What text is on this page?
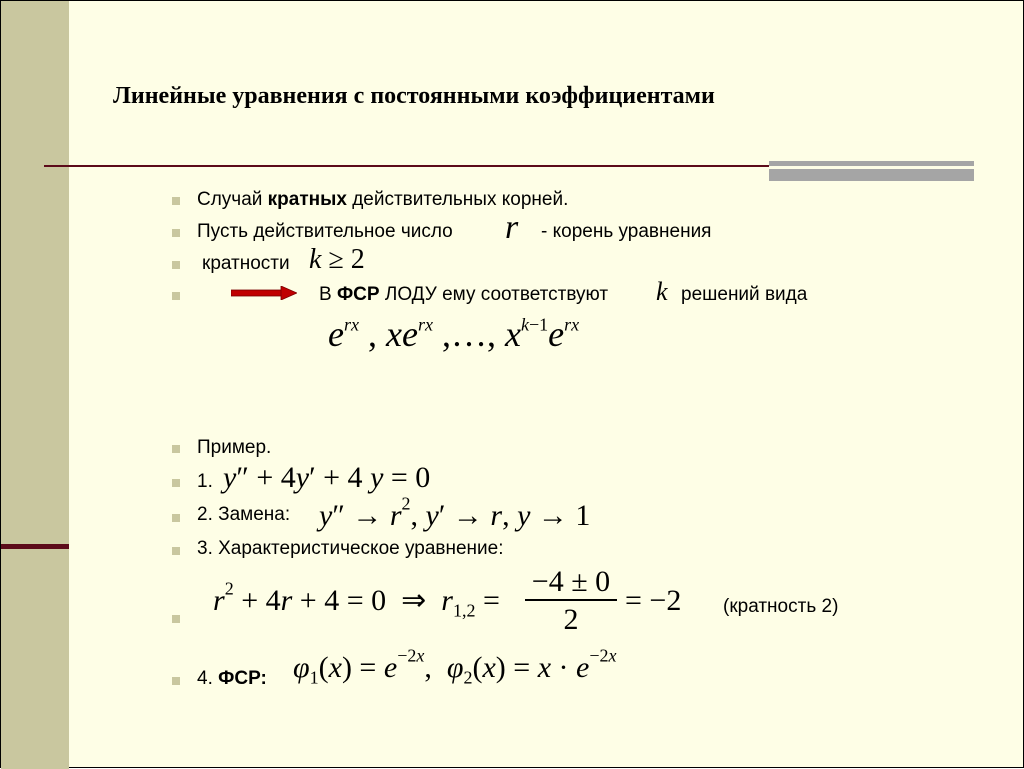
Линейные уравнения с постоянными коэффициентами
Случай кратных действительных корней.
Пусть действительное число r - корень уравнения
кратности k ≥ 2
В ФСР ЛОДУ ему соответствуют k решений вида
$e^{rx}$ , $xe^{rx}$ ,…, $x^{k-1}e^{rx}$
Пример.
1. y″ + 4y′ + 4 y = 0
2. Замена: $y'' \to r^2$, y′ → r, y → 1
3. Характеристическое уравнение:
$r^2 + 4r + 4 = 0$  ⇒  $r_{1,2}$ =
−4 ± 0
2
= −2 (кратность 2)
4. ФСР: $\varphi_1(x) = e^{-2x}$,  $\varphi_2(x) = x \cdot e^{-2x}$
